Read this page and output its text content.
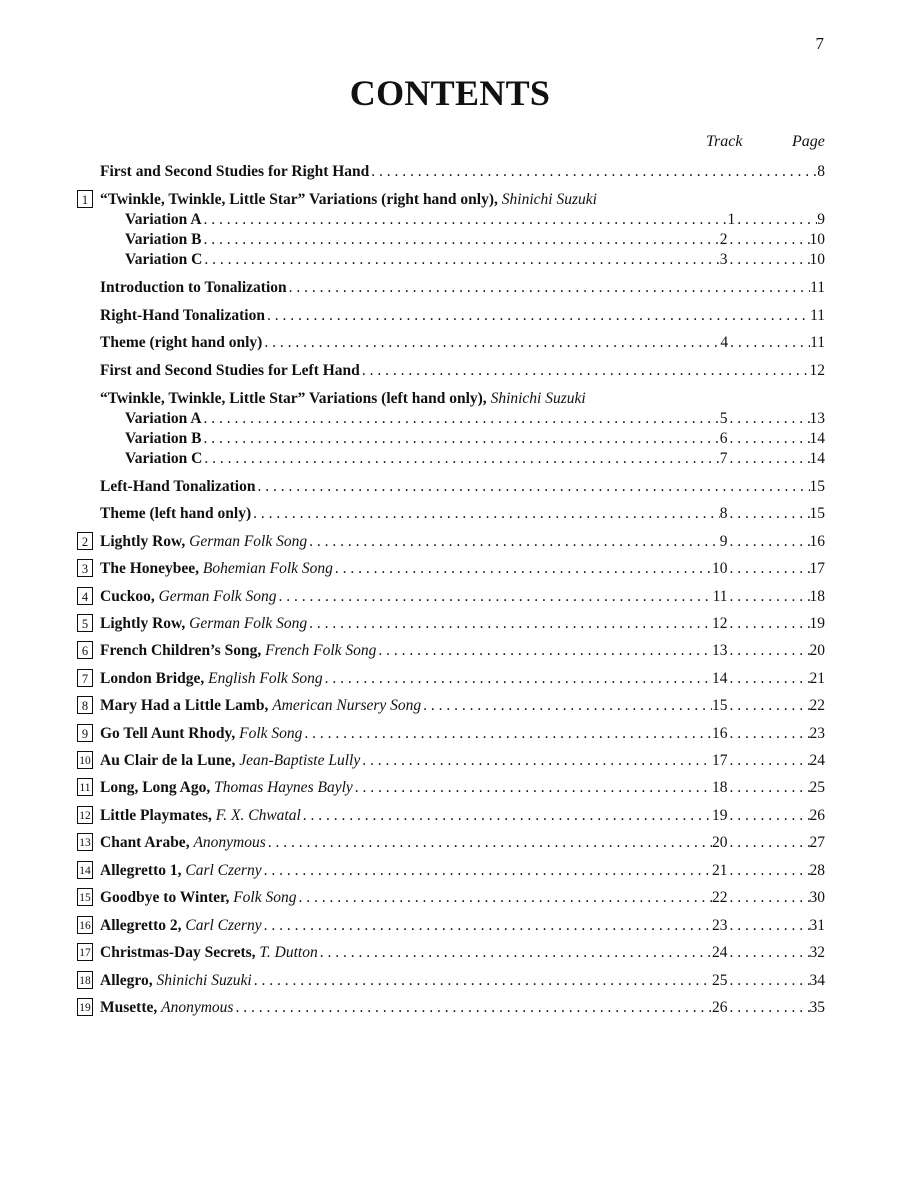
7
CONTENTS
Track	Page
First and Second Studies for Right Hand . . .	8
1 “Twinkle, Twinkle, Little Star” Variations (right hand only), Shinichi Suzuki
Variation A . . .	1 . . .	9
Variation B . . .	2 . . .	10
Variation C . . .	3 . . .	10
Introduction to Tonalization . . .	11
Right-Hand Tonalization . . .	11
Theme (right hand only) . . .	4 . . .	11
First and Second Studies for Left Hand . . .	12
“Twinkle, Twinkle, Little Star” Variations (left hand only), Shinichi Suzuki
Variation A . . .	5 . . .	13
Variation B . . .	6 . . .	14
Variation C . . .	7 . . .	14
Left-Hand Tonalization . . .	15
Theme (left hand only) . . .	8 . . .	15
2 Lightly Row, German Folk Song . . .	9 . . .	16
3 The Honeybee, Bohemian Folk Song . . .	10 . . .	17
4 Cuckoo, German Folk Song . . .	11 . . .	18
5 Lightly Row, German Folk Song . . .	12 . . .	19
6 French Children’s Song, French Folk Song . . .	13 . . .	20
7 London Bridge, English Folk Song . . .	14 . . .	21
8 Mary Had a Little Lamb, American Nursery Song . . .	15 . . .	22
9 Go Tell Aunt Rhody, Folk Song . . .	16 . . .	23
10 Au Clair de la Lune, Jean-Baptiste Lully . . .	17 . . .	24
11 Long, Long Ago, Thomas Haynes Bayly . . .	18 . . .	25
12 Little Playmates, F. X. Chwatal . . .	19 . . .	26
13 Chant Arabe, Anonymous . . .	20 . . .	27
14 Allegretto 1, Carl Czerny . . .	21 . . .	28
15 Goodbye to Winter, Folk Song . . .	22 . . .	30
16 Allegretto 2, Carl Czerny . . .	23 . . .	31
17 Christmas-Day Secrets, T. Dutton . . .	24 . . .	32
18 Allegro, Shinichi Suzuki . . .	25 . . .	34
19 Musette, Anonymous . . .	26 . . .	35
